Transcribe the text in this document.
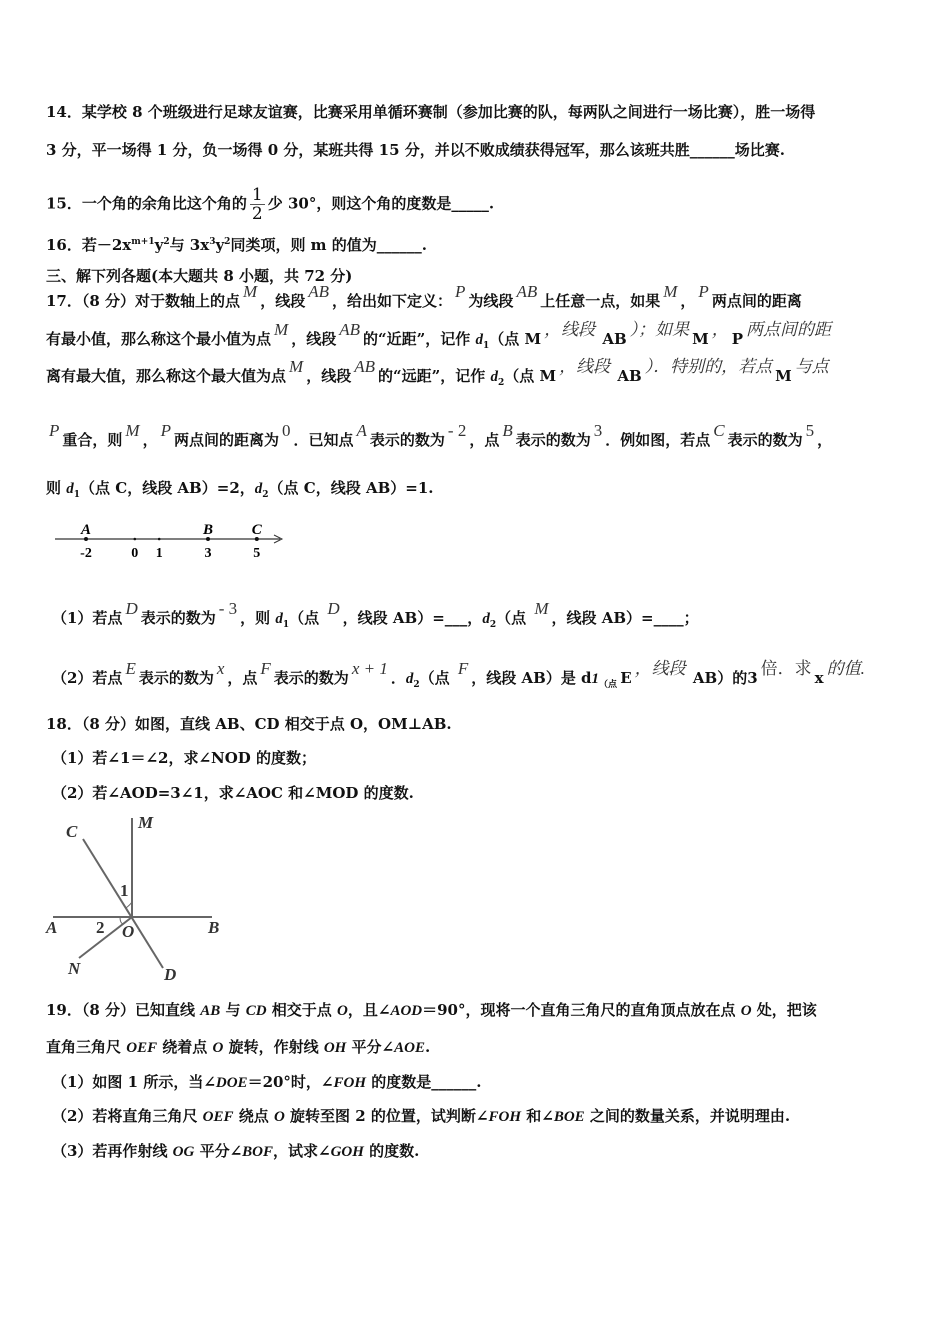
14．某学校 8 个班级进行足球友谊赛，比赛采用单循环赛制（参加比赛的队，每两队之间进行一场比赛），胜一场得
3 分，平一场得 1 分，负一场得 0 分，某班共得 15 分，并以不败成绩获得冠军，那么该班共胜______场比赛.
15．一个角的余角比这个角的 $\frac{1}{2}$ 少 30°，则这个角的度数是_____.
16．若$-2x^{m+1}y^2$与 $3x^3y^2$同类项，则 m 的值为______.
三、解下列各题(本大题共 8 小题，共 72 分)
17．（8 分）对于数轴上的点 M ，线段 AB ，给出如下定义： P 为线段 AB 上任意一点，如果 M ， P 两点间的距离
有最小值，那么称这个最小值为点 M ，线段 AB 的“近距”，记作 $d_1$（点 M ，线段 AB ）；如果 M ， P 两点间的距
离有最大值，那么称这个最大值为点 M ，线段 AB 的“远距”，记作 $d_2$（点 M ，线段 AB ）．特别的，若点 M 与点
P 重合，则 M ， P 两点间的距离为 0 ．已知点 A 表示的数为 - 2 ，点 B 表示的数为 3 ．例如图，若点 C 表示的数为 5 ，
则 $d_1$（点 C，线段 AB）=2，$d_2$（点 C，线段 AB）=1.
-2
A
0 1	3
B
5
C
（1）若点 D 表示的数为 - 3 ，则 $d_1$（点 D ，线段 AB）=___，$d_2$（点 M ，线段 AB）=____；
（2）若点 E 表示的数为 x ，点 F 表示的数为 x + 1 ．$d_2$（点 F ，线段 AB）是 $d1_{(点}$ E ，线段 AB）的3 倍．求 x 的值.
18．（8 分）如图，直线 AB、CD 相交于点 O，OM⊥AB.
（1）若∠1＝∠2，求∠NOD 的度数；
（2）若∠AOD=3∠1，求∠AOC 和∠MOD 的度数.
C	M
1
A 2 O	B
N	D
19．（8 分）已知直线 AB 与 CD 相交于点 O，且∠AOD＝90°，现将一个直角三角尺的直角顶点放在点 O 处，把该
直角三角尺 OEF 绕着点 O 旋转，作射线 OH 平分∠AOE.
（1）如图 1 所示，当∠DOE＝20°时，∠FOH 的度数是______.
（2）若将直角三角尺 OEF 绕点 O 旋转至图 2 的位置，试判断∠FOH 和∠BOE 之间的数量关系，并说明理由.
（3）若再作射线 OG 平分∠BOF，试求∠GOH 的度数.
